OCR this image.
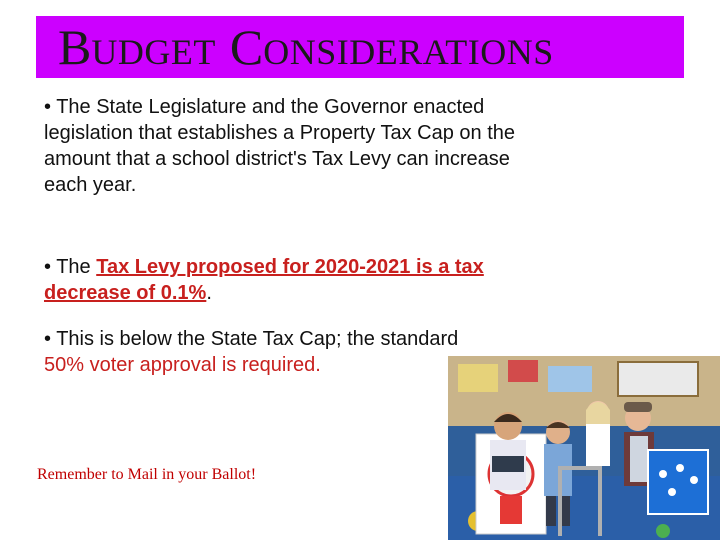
BUDGET CONSIDERATIONS
• The State Legislature and the Governor enacted legislation that establishes a Property Tax Cap on the amount that a school district's Tax Levy can increase each year.
• The Tax Levy proposed for 2020-2021 is a tax decrease of 0.1%.
• This is below the State Tax Cap; the standard 50% voter approval is required.
Remember to Mail in your Ballot!
